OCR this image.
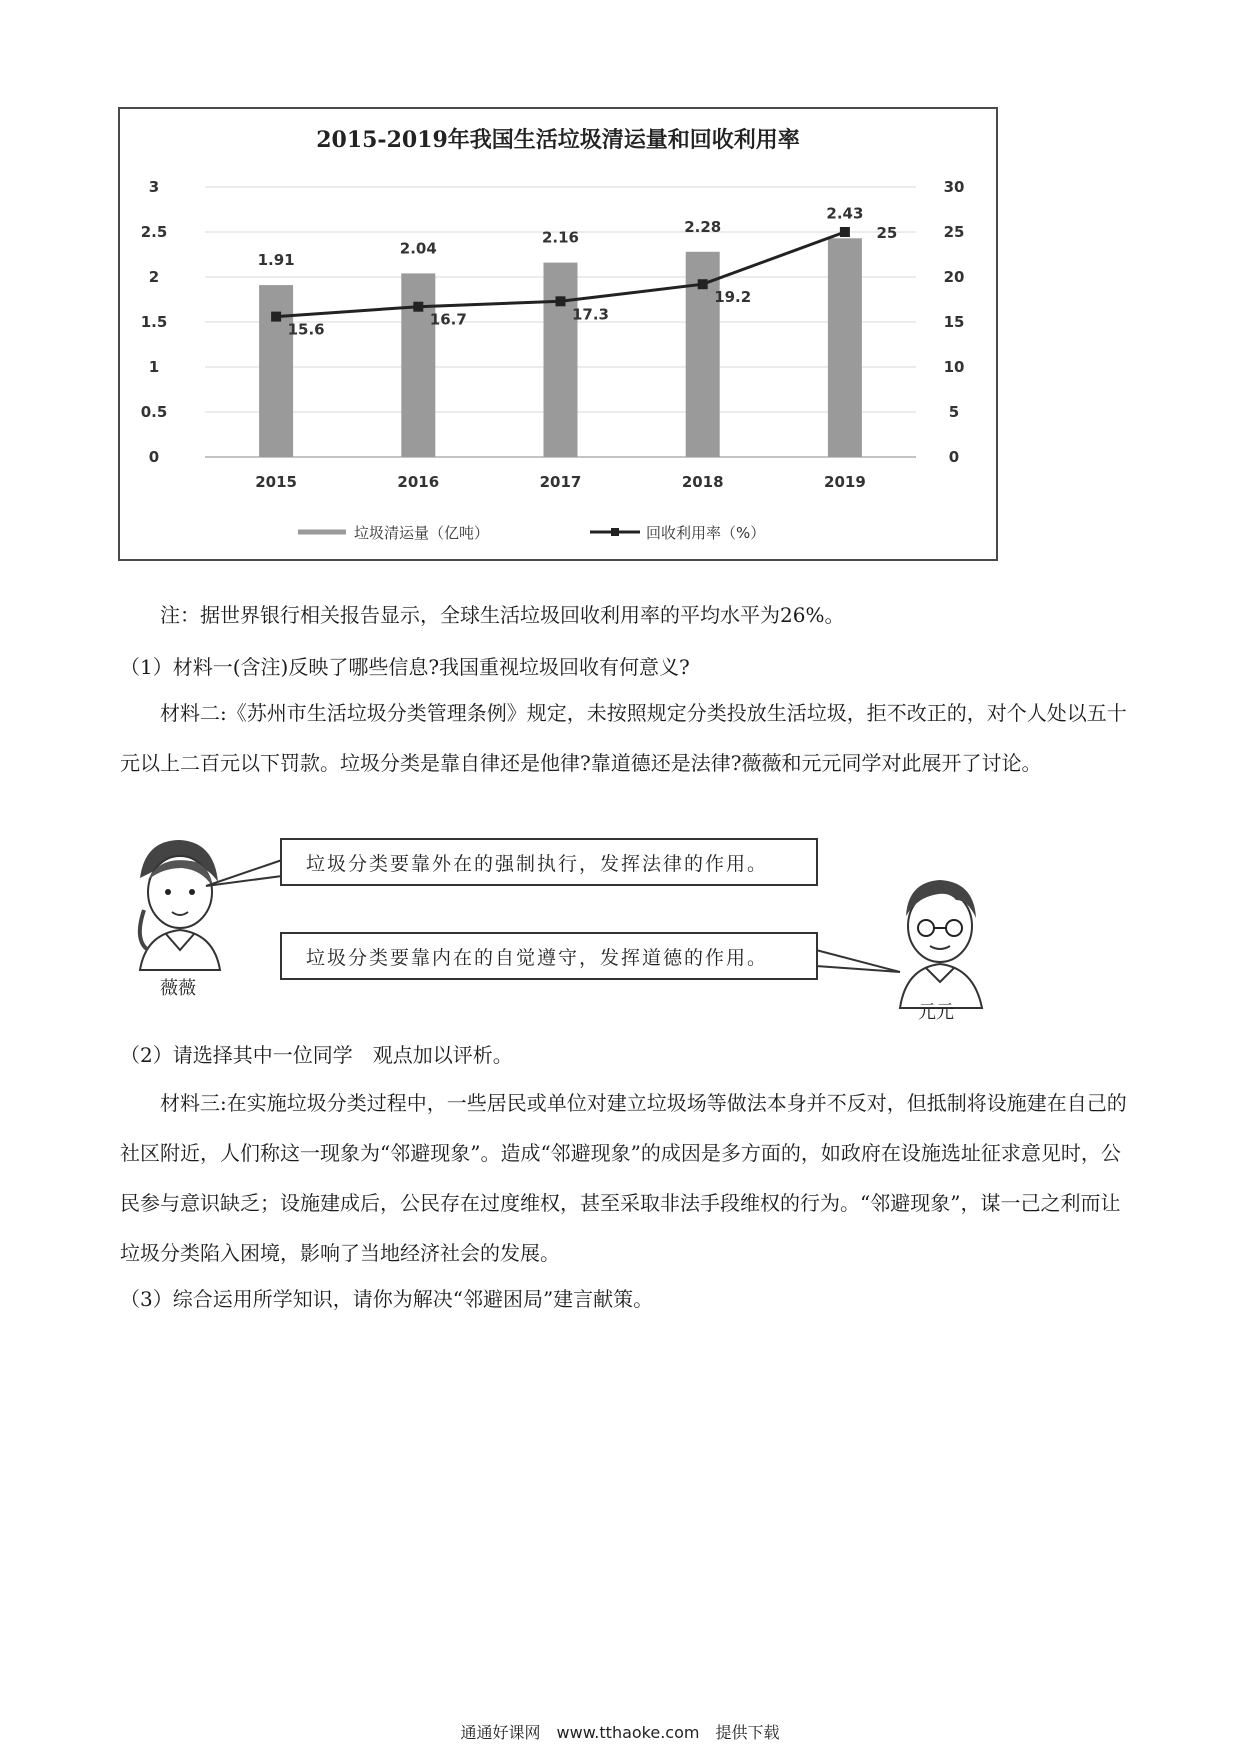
2015-2019年我国生活垃圾清运量和回收利用率
1.91
2.04
2.16
2.28
2.43
15.6
16.7	17.3
19.2
25
0
0.5
1
1.5
2
2.5
3
0
5
10
15
20
25
30
2015	2016	2017	2018	2019
垃圾清运量（亿吨）	回收利用率（%）

注：据世界银行相关报告显示，全球生活垃圾回收利用率的平均水平为26%。

（1）材料一(含注)反映了哪些信息?我国重视垃圾回收有何意义?

材料二:《苏州市生活垃圾分类管理条例》规定，未按照规定分类投放生活垃圾，拒不改正的，对个人处以五十元以上二百元以下罚款。垃圾分类是靠自律还是他律?靠道德还是法律?薇薇和元元同学对此展开了讨论。

垃圾分类要靠外在的强制执行，发挥法律的作用。
垃圾分类要靠内在的自觉遵守，发挥道德的作用。
薇薇
元元

（2）请选择其中一位同学　观点加以评析。

材料三:在实施垃圾分类过程中，一些居民或单位对建立垃圾场等做法本身并不反对，但抵制将设施建在自己的社区附近，人们称这一现象为“邻避现象”。造成“邻避现象”的成因是多方面的，如政府在设施选址征求意见时，公民参与意识缺乏；设施建成后，公民存在过度维权，甚至采取非法手段维权的行为。“邻避现象”，谋一己之利而让垃圾分类陷入困境，影响了当地经济社会的发展。

（3）综合运用所学知识，请你为解决“邻避困局”建言献策。

通通好课网　www.tthaoke.com　提供下载
